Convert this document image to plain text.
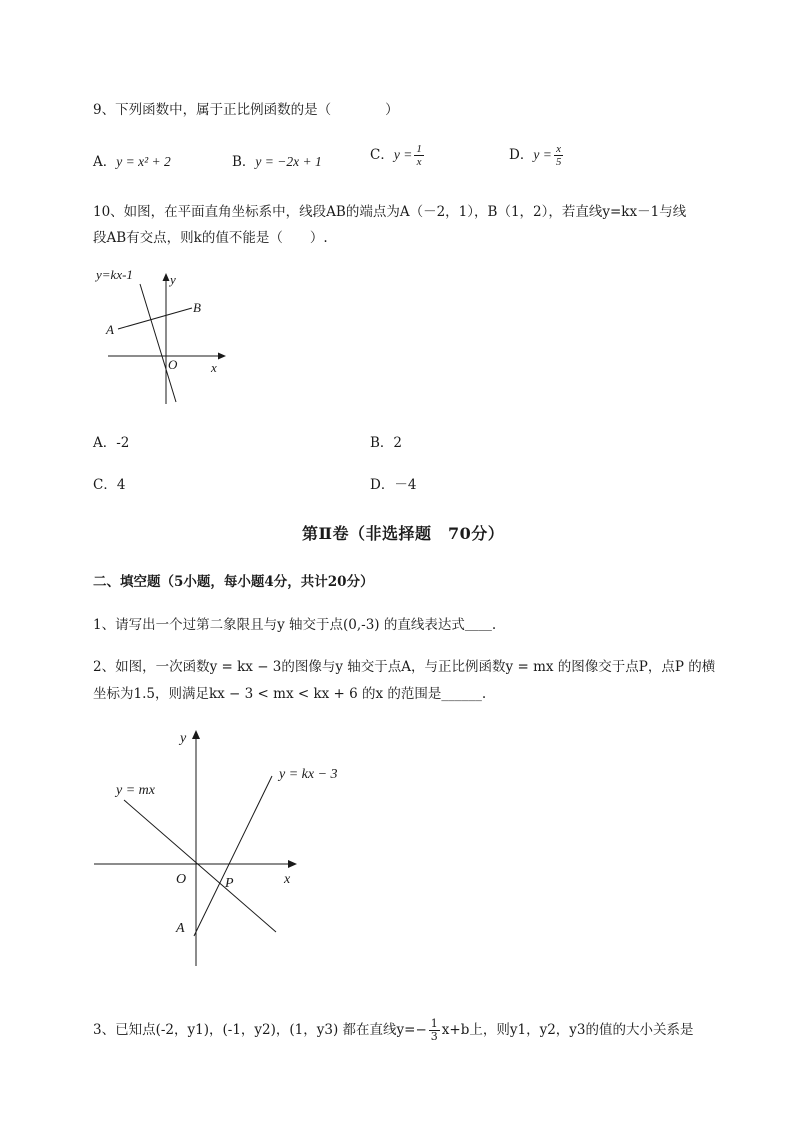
9、下列函数中，属于正比例函数的是（　　　　）
A．y = x² + 2	B．y = −2x + 1	C．$y = \frac{1}{x}$	D．$y = \frac{x}{5}$
10、如图，在平面直角坐标系中，线段AB的端点为A（－2，1），B（1，2），若直线y=kx－1与线
段AB有交点，则k的值不能是（　　）.
y=kx-1	y
x
O
A
B
A．-2	B．2
C．4	D．－4
第Ⅱ卷（非选择题　70分）
二、填空题（5小题，每小题4分，共计20分）
1、请写出一个过第二象限且与y 轴交于点(0,-3) 的直线表达式＿＿.
2、如图，一次函数y = kx − 3的图像与y 轴交于点A，与正比例函数y = mx 的图像交于点P，点P 的横
坐标为1.5，则满足kx − 3 < mx < kx + 6 的x 的范围是______.
y
x
O	P
A
y = mx
y = kx − 3
3、已知点(-2，y1)，(-1，y2)，(1，y3) 都在直线$y=- \frac{1}{3} x+b$上，则y1，y2，y3的值的大小关系是
